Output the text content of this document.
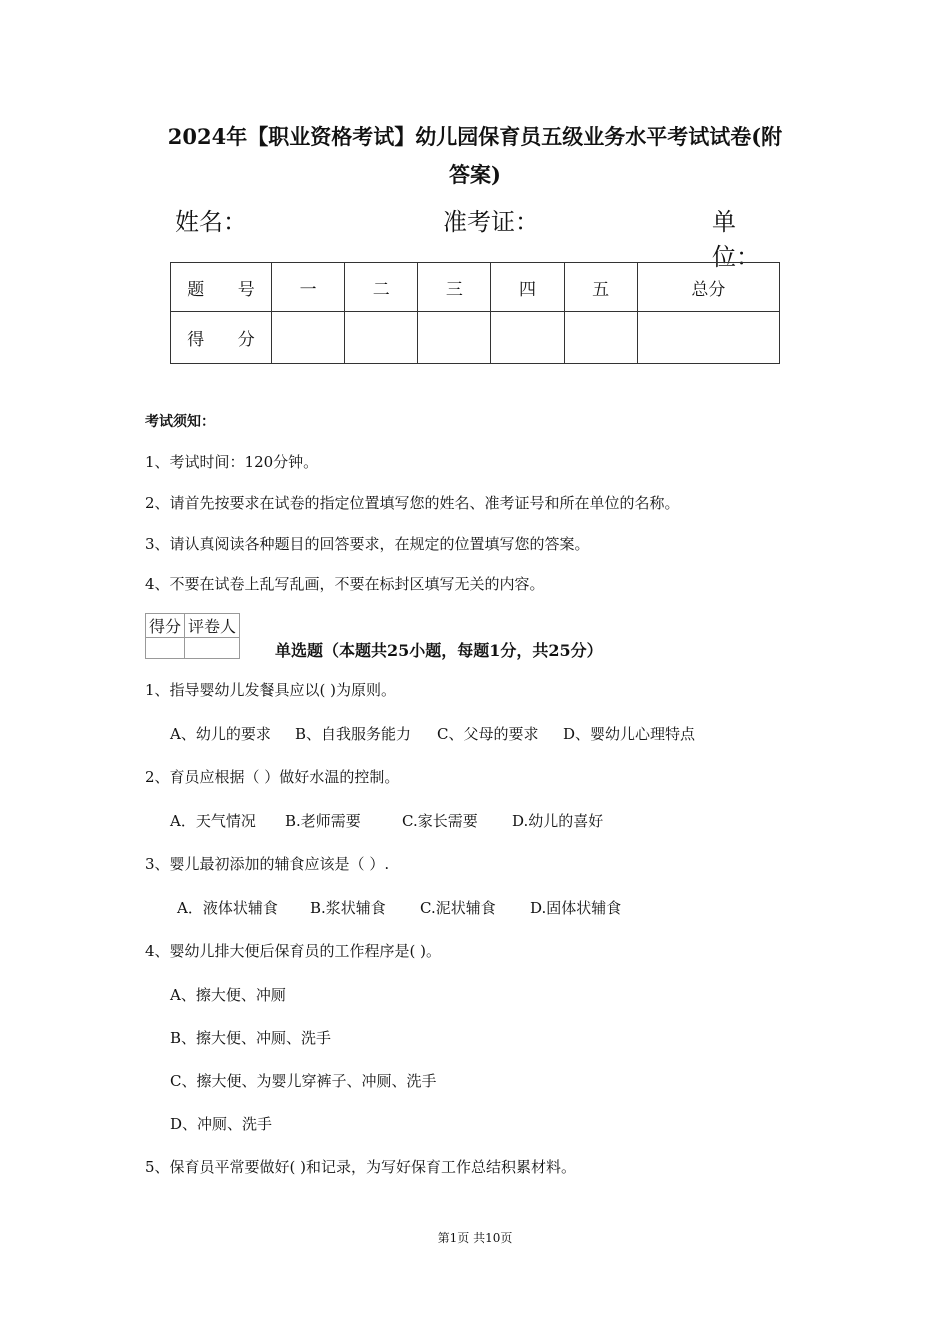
2024年【职业资格考试】幼儿园保育员五级业务水平考试试卷(附
答案)
姓名：	准考证：	单位：
题 号	一	二	三	四	五	总分
得 分						
考试须知：
1、考试时间：120分钟。
2、请首先按要求在试卷的指定位置填写您的姓名、准考证号和所在单位的名称。
3、请认真阅读各种题目的回答要求，在规定的位置填写您的答案。
4、不要在试卷上乱写乱画，不要在标封区填写无关的内容。
得分	评卷人

单选题（本题共25小题，每题1分，共25分）
1、指导婴幼儿发餐具应以( )为原则。
A、幼儿的要求 B、自我服务能力 C、父母的要求 D、婴幼儿心理特点
2、育员应根据（ ）做好水温的控制。
A．天气情况 B.老师需要	C.家长需要 D.幼儿的喜好
3、婴儿最初添加的辅食应该是（ ）.
A．液体状辅食 B.浆状辅食 C.泥状辅食 D.固体状辅食
4、婴幼儿排大便后保育员的工作程序是( )。
A、擦大便、冲厕
B、擦大便、冲厕、洗手
C、擦大便、为婴儿穿裤子、冲厕、洗手
D、冲厕、洗手
5、保育员平常要做好( )和记录，为写好保育工作总结积累材料。
第1页 共10页
